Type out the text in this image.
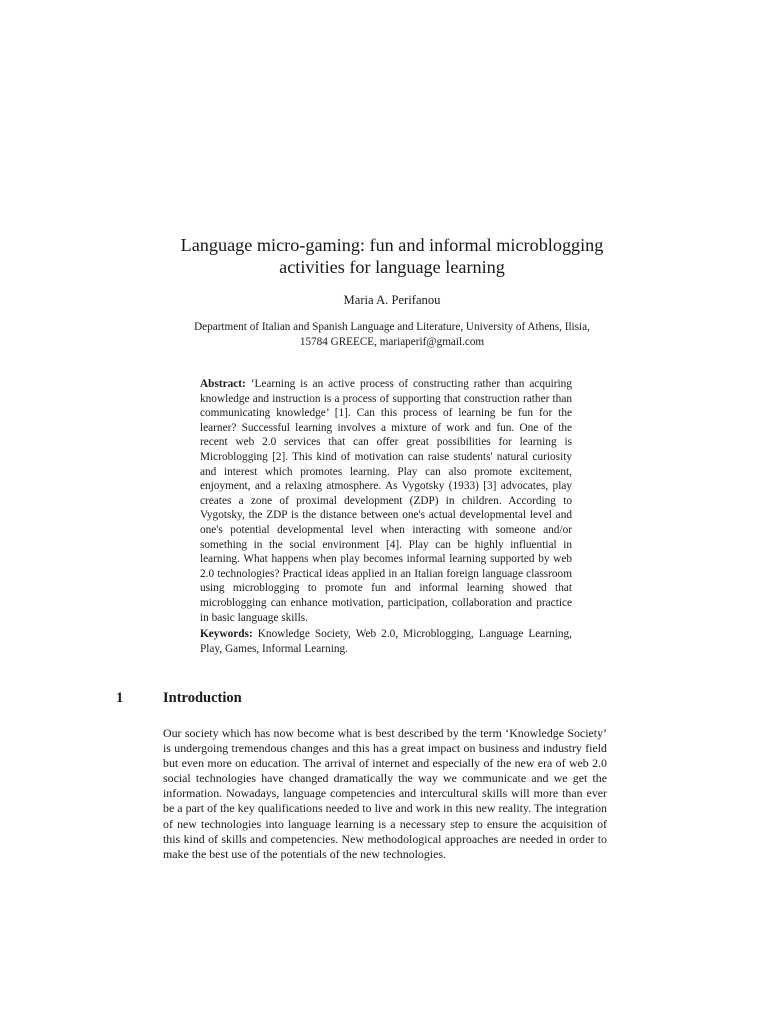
Language micro-gaming: fun and informal microblogging activities for language learning
Maria A. Perifanou
Department of Italian and Spanish Language and Literature, University of Athens, Ilisia, 15784 GREECE, mariaperif@gmail.com

Abstract: ‘Learning is an active process of constructing rather than acquiring knowledge and instruction is a process of supporting that construction rather than communicating knowledge’ [1]. Can this process of learning be fun for the learner? Successful learning involves a mixture of work and fun. One of the recent web 2.0 services that can offer great possibilities for learning is Microblogging [2]. This kind of motivation can raise students' natural curiosity and interest which promotes learning. Play can also promote excitement, enjoyment, and a relaxing atmosphere. As Vygotsky (1933) [3] advocates, play creates a zone of proximal development (ZDP) in children. According to Vygotsky, the ZDP is the distance between one's actual developmental level and one's potential developmental level when interacting with someone and/or something in the social environment [4]. Play can be highly influential in learning. What happens when play becomes informal learning supported by web 2.0 technologies? Practical ideas applied in an Italian foreign language classroom using microblogging to promote fun and informal learning showed that microblogging can enhance motivation, participation, collaboration and practice in basic language skills.

Keywords: Knowledge Society, Web 2.0, Microblogging, Language Learning, Play, Games, Informal Learning.

1	Introduction

Our society which has now become what is best described by the term ‘Knowledge Society’ is undergoing tremendous changes and this has a great impact on business and industry field but even more on education. The arrival of internet and especially of the new era of web 2.0 social technologies have changed dramatically the way we communicate and we get the information. Nowadays, language competencies and intercultural skills will more than ever be a part of the key qualifications needed to live and work in this new reality. The integration of new technologies into language learning is a necessary step to ensure the acquisition of this kind of skills and competencies. New methodological approaches are needed in order to make the best use of the potentials of the new technologies.
